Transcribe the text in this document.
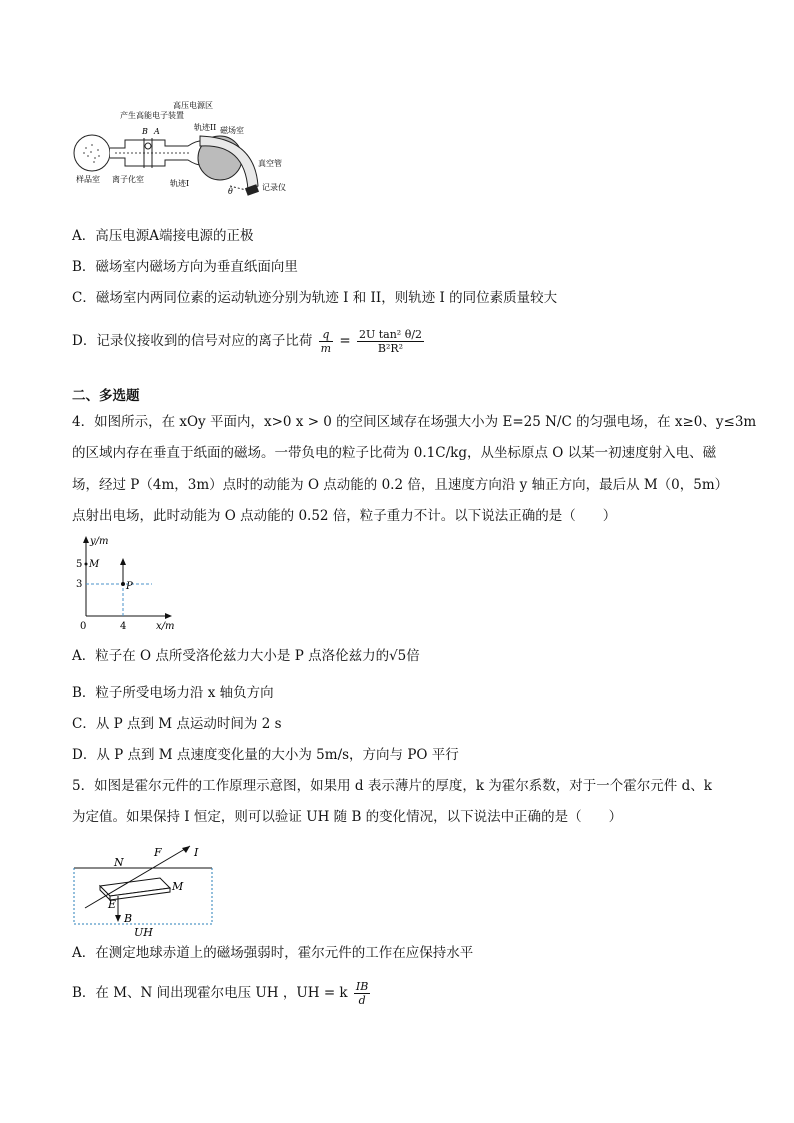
产生高能电子装置
高压电源区
B A	轨迹II 磁场室
真空管
轨迹I
θ	记录仪
样品室 离子化室
A．高压电源A端接电源的正极
B．磁场室内磁场方向为垂直纸面向里
C．磁场室内两同位素的运动轨迹分别为轨迹 I 和 II，则轨迹 I 的同位素质量较大
D．记录仪接收到的信号对应的离子比荷 $\frac{q}{m} = \frac{\text{2U tan² θ/2}}{\text{B²R²}}$
二、多选题
4．如图所示，在 xOy 平面内，x>0 x > 0 的空间区域存在场强大小为 E=25 N/C 的匀强电场，在 x≥0、y≤3m
的区域内存在垂直于纸面的磁场。一带负电的粒子比荷为 0.1C/kg，从坐标原点 O 以某一初速度射入电、磁
场，经过 P（4m，3m）点时的动能为 O 点动能的 0.2 倍，且速度方向沿 y 轴正方向，最后从 M（0，5m）
点射出电场，此时动能为 O 点动能的 0.52 倍，粒子重力不计。以下说法正确的是（　　）
y/m
x/m
M
P
5
3
0	4
A．粒子在 O 点所受洛伦兹力大小是 P 点洛伦兹力的√5倍
B．粒子所受电场力沿 x 轴负方向
C．从 P 点到 M 点运动时间为 2 s
D．从 P 点到 M 点速度变化量的大小为 5m/s，方向与 PO 平行
5．如图是霍尔元件的工作原理示意图，如果用 d 表示薄片的厚度，k 为霍尔系数，对于一个霍尔元件 d、k
为定值。如果保持 I 恒定，则可以验证 UH 随 B 的变化情况，以下说法中正确的是（　　）
N
F	I
M
E
B
UH
A．在测定地球赤道上的磁场强弱时，霍尔元件的工作在应保持水平
B．在 M、N 间出现霍尔电压 UH ，UH = k $\frac{IB}{d}$
